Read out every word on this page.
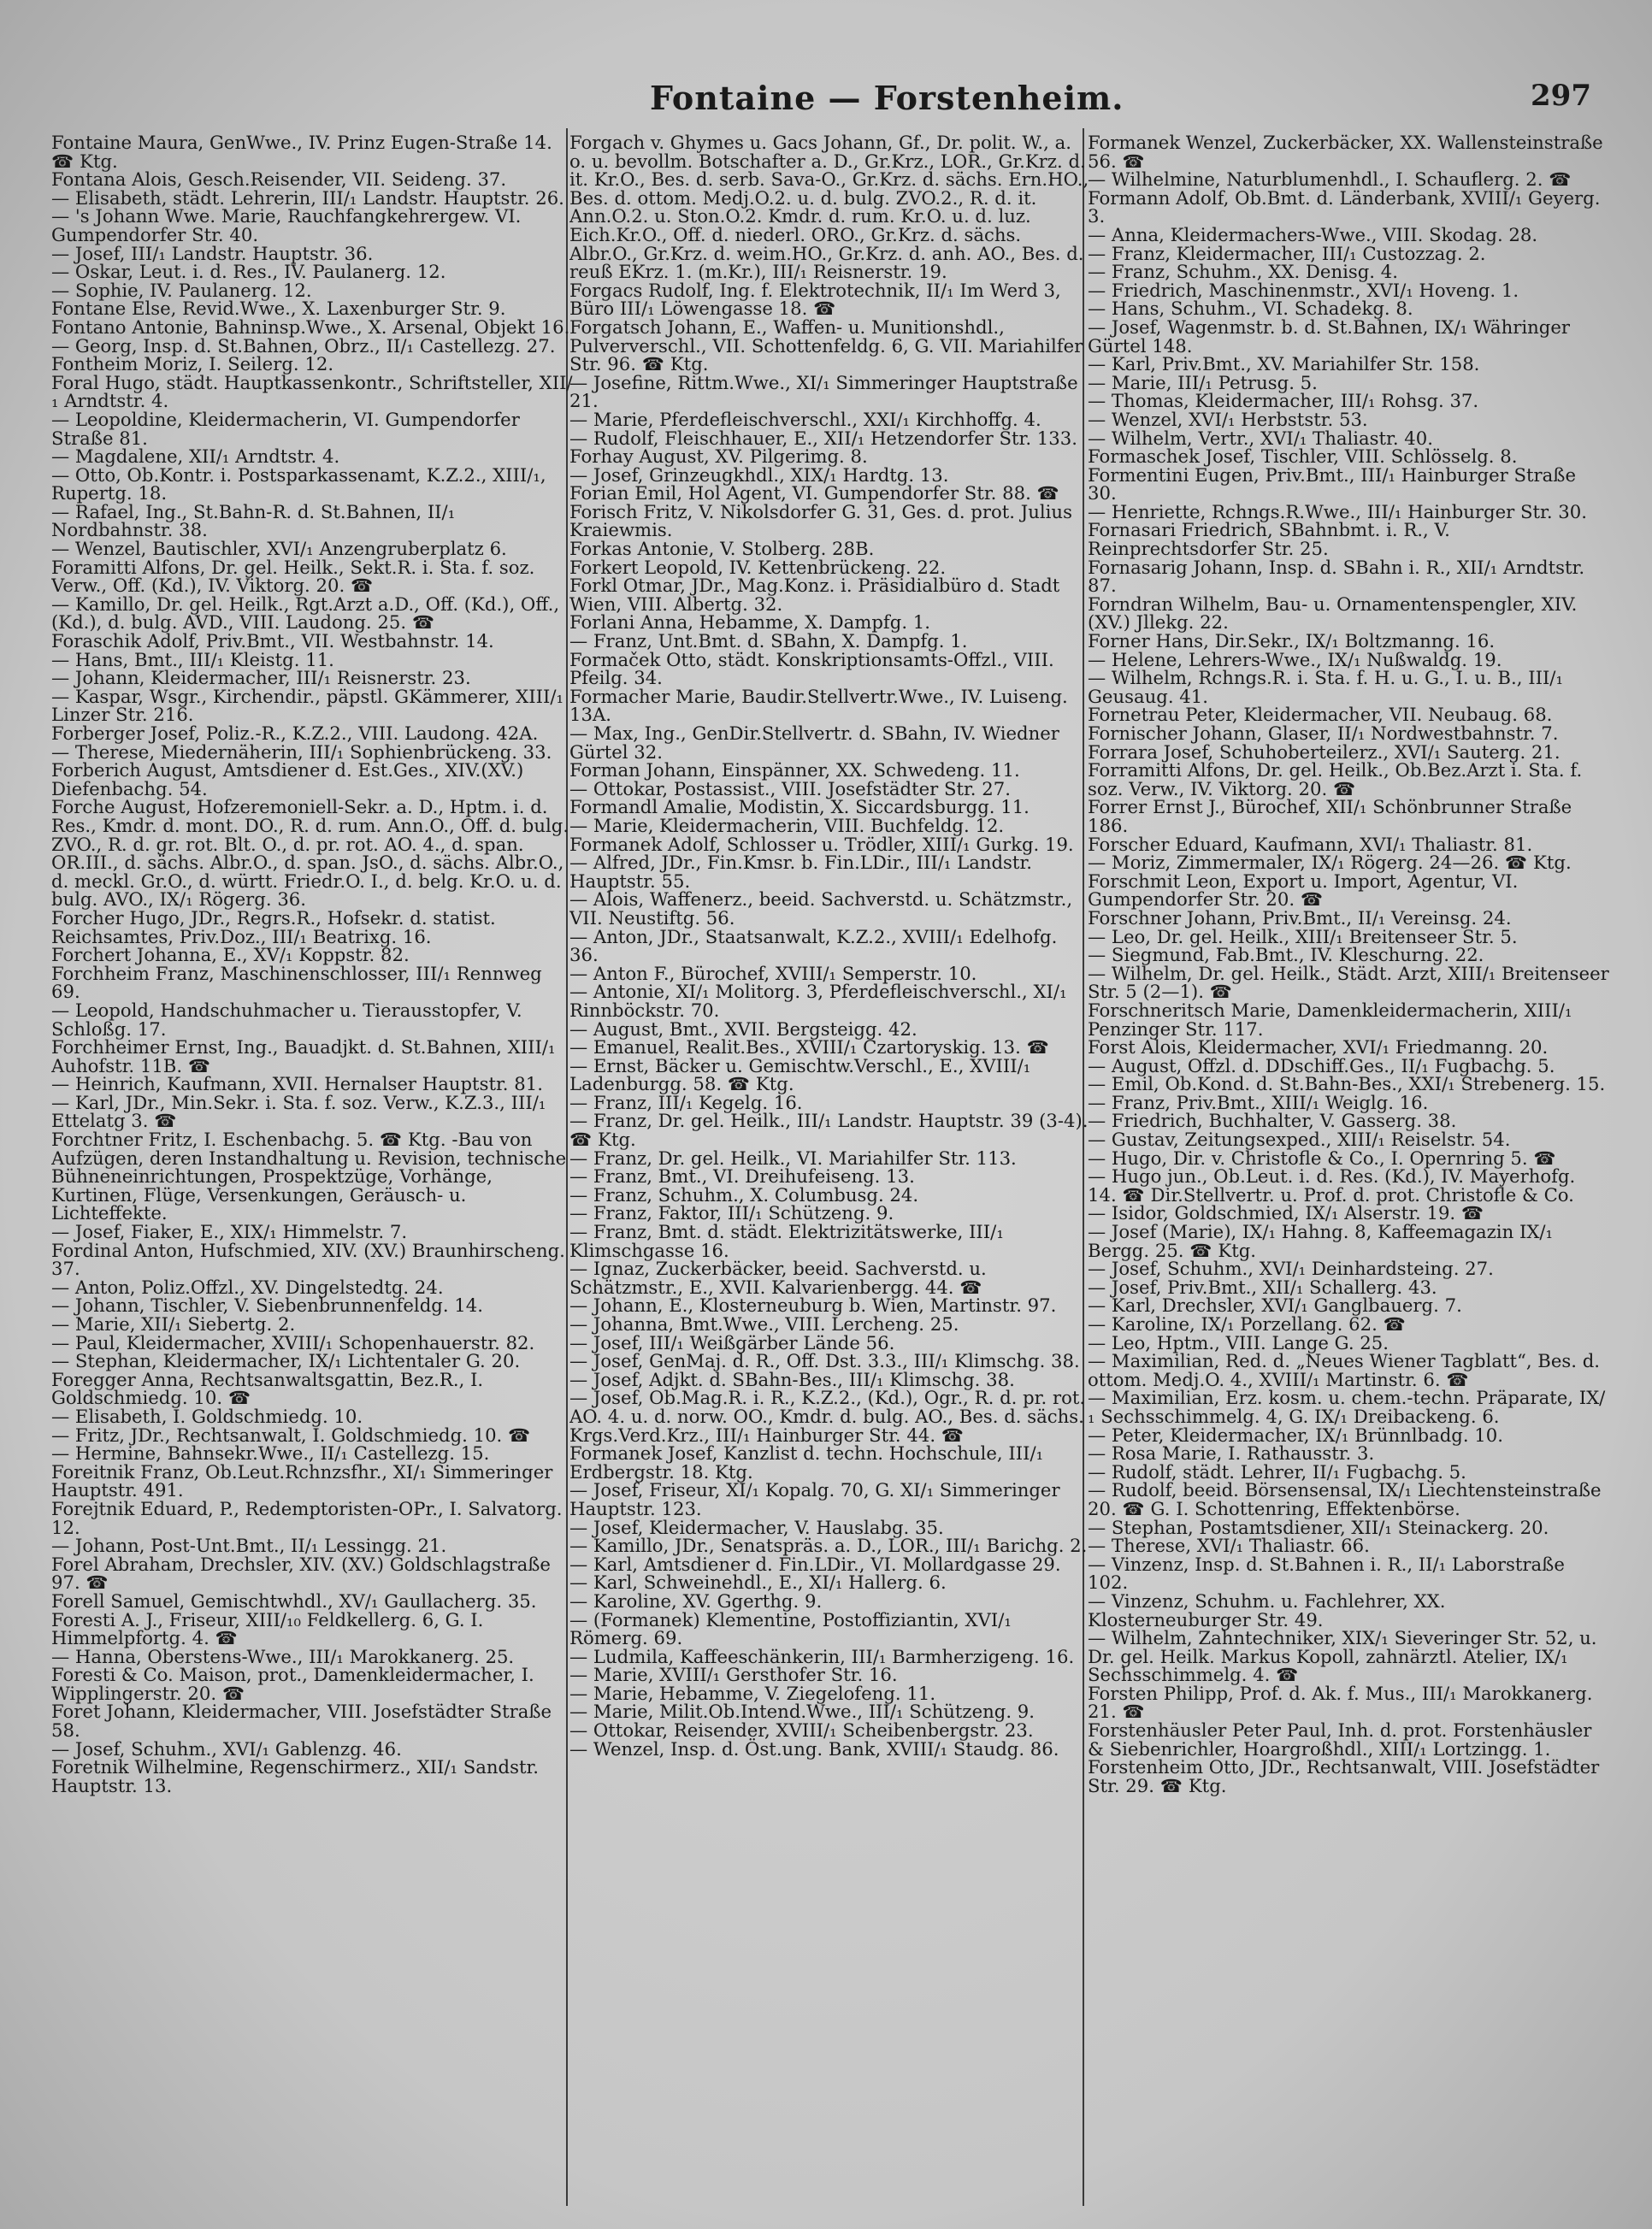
Fontaine — Forstenheim.	297
Fontaine Maura, GenWwe., IV. Prinz Eugen-Straße 14. ☎ Ktg.
Fontana Alois, Gesch.Reisender, VII. Seideng. 37.
— Elisabeth, städt. Lehrerin, III/₁ Landstr. Hauptstr. 26.
— 's Johann Wwe. Marie, Rauchfangkehrergew. VI. Gumpendorfer Str. 40.
— Josef, III/₁ Landstr. Hauptstr. 36.
— Oskar, Leut. i. d. Res., IV. Paulanerg. 12.
— Sophie, IV. Paulanerg. 12.
Fontane Else, Revid.Wwe., X. Laxenburger Str. 9.
Fontano Antonie, Bahninsp.Wwe., X. Arsenal, Objekt 16.
— Georg, Insp. d. St.Bahnen, Obrz., II/₁ Castellezg. 27.
Fontheim Moriz, I. Seilerg. 12.
Foral Hugo, städt. Hauptkassenkontr., Schriftsteller, XII/₁ Arndtstr. 4.
— Leopoldine, Kleidermacherin, VI. Gumpendorfer Straße 81.
— Magdalene, XII/₁ Arndtstr. 4.
— Otto, Ob.Kontr. i. Postsparkassenamt, K.Z.2., XIII/₁, Rupertg. 18.
— Rafael, Ing., St.Bahn-R. d. St.Bahnen, II/₁ Nordbahnstr. 38.
— Wenzel, Bautischler, XVI/₁ Anzengruberplatz 6.
Foramitti Alfons, Dr. gel. Heilk., Sekt.R. i. Sta. f. soz. Verw., Off. (Kd.), IV. Viktorg. 20. ☎
— Kamillo, Dr. gel. Heilk., Rgt.Arzt a.D., Off. (Kd.), Off., (Kd.), d. bulg. AVD., VIII. Laudong. 25. ☎
Foraschik Adolf, Priv.Bmt., VII. Westbahnstr. 14.
— Hans, Bmt., III/₁ Kleistg. 11.
— Johann, Kleidermacher, III/₁ Reisnerstr. 23.
— Kaspar, Wsgr., Kirchendir., päpstl. GKämmerer, XIII/₁ Linzer Str. 216.
Forberger Josef, Poliz.-R., K.Z.2., VIII. Laudong. 42A.
— Therese, Miedernäherin, III/₁ Sophienbrückeng. 33.
Forberich August, Amtsdiener d. Est.Ges., XIV.(XV.) Diefenbachg. 54.
Forche August, Hofzeremoniell-Sekr. a. D., Hptm. i. d. Res., Kmdr. d. mont. DO., R. d. rum. Ann.O., Off. d. bulg. ZVO., R. d. gr. rot. Blt. O., d. pr. rot. AO. 4., d. span. OR.III., d. sächs. Albr.O., d. span. JsO., d. sächs. Albr.O., d. meckl. Gr.O., d. württ. Friedr.O. I., d. belg. Kr.O. u. d. bulg. AVO., IX/₁ Rögerg. 36.
Forcher Hugo, JDr., Regrs.R., Hofsekr. d. statist. Reichsamtes, Priv.Doz., III/₁ Beatrixg. 16.
Forchert Johanna, E., XV/₁ Koppstr. 82.
Forchheim Franz, Maschinenschlosser, III/₁ Rennweg 69.
— Leopold, Handschuhmacher u. Tierausstopfer, V. Schloßg. 17.
Forchheimer Ernst, Ing., Bauadjkt. d. St.Bahnen, XIII/₁ Auhofstr. 11B. ☎
— Heinrich, Kaufmann, XVII. Hernalser Hauptstr. 81.
— Karl, JDr., Min.Sekr. i. Sta. f. soz. Verw., K.Z.3., III/₁ Ettelatg 3. ☎
Forchtner Fritz, I. Eschenbachg. 5. ☎ Ktg. -Bau von Aufzügen, deren Instandhaltung u. Revision, technische Bühneneinrichtungen, Prospektzüge, Vorhänge, Kurtinen, Flüge, Versenkungen, Geräusch- u. Lichteffekte.
— Josef, Fiaker, E., XIX/₁ Himmelstr. 7.
Fordinal Anton, Hufschmied, XIV. (XV.) Braunhirscheng. 37.
— Anton, Poliz.Offzl., XV. Dingelstedtg. 24.
— Johann, Tischler, V. Siebenbrunnenfeldg. 14.
— Marie, XII/₁ Siebertg. 2.
— Paul, Kleidermacher, XVIII/₁ Schopenhauerstr. 82.
— Stephan, Kleidermacher, IX/₁ Lichtentaler G. 20.
Foregger Anna, Rechtsanwaltsgattin, Bez.R., I. Goldschmiedg. 10. ☎
— Elisabeth, I. Goldschmiedg. 10.
— Fritz, JDr., Rechtsanwalt, I. Goldschmiedg. 10. ☎
— Hermine, Bahnsekr.Wwe., II/₁ Castellezg. 15.
Foreitnik Franz, Ob.Leut.Rchnzsfhr., XI/₁ Simmeringer Hauptstr. 491.
Forejtnik Eduard, P., Redemptoristen-OPr., I. Salvatorg. 12.
— Johann, Post-Unt.Bmt., II/₁ Lessingg. 21.
Forel Abraham, Drechsler, XIV. (XV.) Goldschlagstraße 97. ☎
Forell Samuel, Gemischtwhdl., XV/₁ Gaullacherg. 35.
Foresti A. J., Friseur, XIII/₁₀ Feldkellerg. 6, G. I. Himmelpfortg. 4. ☎
— Hanna, Oberstens-Wwe., III/₁ Marokkanerg. 25.
Foresti & Co. Maison, prot., Damenkleidermacher, I. Wipplingerstr. 20. ☎
Foret Johann, Kleidermacher, VIII. Josefstädter Straße 58.
— Josef, Schuhm., XVI/₁ Gablenzg. 46.
Foretnik Wilhelmine, Regenschirmerz., XII/₁ Sandstr. Hauptstr. 13.
Forgach v. Ghymes u. Gacs Johann, Gf., Dr. polit. W., a. o. u. bevollm. Botschafter a. D., Gr.Krz., LOR., Gr.Krz. d. it. Kr.O., Bes. d. serb. Sava-O., Gr.Krz. d. sächs. Ern.HO., Bes. d. ottom. Medj.O.2. u. d. bulg. ZVO.2., R. d. it. Ann.O.2. u. Ston.O.2. Kmdr. d. rum. Kr.O. u. d. luz. Eich.Kr.O., Off. d. niederl. ORO., Gr.Krz. d. sächs. Albr.O., Gr.Krz. d. weim.HO., Gr.Krz. d. anh. AO., Bes. d. reuß EKrz. 1. (m.Kr.), III/₁ Reisnerstr. 19.
Forgacs Rudolf, Ing. f. Elektrotechnik, II/₁ Im Werd 3, Büro III/₁ Löwengasse 18. ☎
Forgatsch Johann, E., Waffen- u. Munitionshdl., Pulververschl., VII. Schottenfeldg. 6, G. VII. Mariahilfer Str. 96. ☎ Ktg.
— Josefine, Rittm.Wwe., XI/₁ Simmeringer Hauptstraße 21.
— Marie, Pferdefleischverschl., XXI/₁ Kirchhoffg. 4.
— Rudolf, Fleischhauer, E., XII/₁ Hetzendorfer Str. 133.
Forhay August, XV. Pilgerimg. 8.
— Josef, Grinzeugkhdl., XIX/₁ Hardtg. 13.
Forian Emil, Hol Agent, VI. Gumpendorfer Str. 88. ☎
Forisch Fritz, V. Nikolsdorfer G. 31, Ges. d. prot. Julius Kraiewmis.
Forkas Antonie, V. Stolberg. 28B.
Forkert Leopold, IV. Kettenbrückeng. 22.
Forkl Otmar, JDr., Mag.Konz. i. Präsidialbüro d. Stadt Wien, VIII. Albertg. 32.
Forlani Anna, Hebamme, X. Dampfg. 1.
— Franz, Unt.Bmt. d. SBahn, X. Dampfg. 1.
Formaček Otto, städt. Konskriptionsamts-Offzl., VIII. Pfeilg. 34.
Formacher Marie, Baudir.Stellvertr.Wwe., IV. Luiseng. 13A.
— Max, Ing., GenDir.Stellvertr. d. SBahn, IV. Wiedner Gürtel 32.
Forman Johann, Einspänner, XX. Schwedeng. 11.
— Ottokar, Postassist., VIII. Josefstädter Str. 27.
Formandl Amalie, Modistin, X. Siccardsburgg. 11.
— Marie, Kleidermacherin, VIII. Buchfeldg. 12.
Formanek Adolf, Schlosser u. Trödler, XIII/₁ Gurkg. 19.
— Alfred, JDr., Fin.Kmsr. b. Fin.LDir., III/₁ Landstr. Hauptstr. 55.
— Alois, Waffenerz., beeid. Sachverstd. u. Schätzmstr., VII. Neustiftg. 56.
— Anton, JDr., Staatsanwalt, K.Z.2., XVIII/₁ Edelhofg. 36.
— Anton F., Bürochef, XVIII/₁ Semperstr. 10.
— Antonie, XI/₁ Molitorg. 3, Pferdefleischverschl., XI/₁ Rinnböckstr. 70.
— August, Bmt., XVII. Bergsteigg. 42.
— Emanuel, Realit.Bes., XVIII/₁ Czartoryskig. 13. ☎
— Ernst, Bäcker u. Gemischtw.Verschl., E., XVIII/₁ Ladenburgg. 58. ☎ Ktg.
— Franz, III/₁ Kegelg. 16.
— Franz, Dr. gel. Heilk., III/₁ Landstr. Hauptstr. 39 (3-4). ☎ Ktg.
— Franz, Dr. gel. Heilk., VI. Mariahilfer Str. 113.
— Franz, Bmt., VI. Dreihufeiseng. 13.
— Franz, Schuhm., X. Columbusg. 24.
— Franz, Faktor, III/₁ Schützeng. 9.
— Franz, Bmt. d. städt. Elektrizitätswerke, III/₁ Klimschgasse 16.
— Ignaz, Zuckerbäcker, beeid. Sachverstd. u. Schätzmstr., E., XVII. Kalvarienbergg. 44. ☎
— Johann, E., Klosterneuburg b. Wien, Martinstr. 97.
— Johanna, Bmt.Wwe., VIII. Lercheng. 25.
— Josef, III/₁ Weißgärber Lände 56.
— Josef, GenMaj. d. R., Off. Dst. 3.3., III/₁ Klimschg. 38.
— Josef, Adjkt. d. SBahn-Bes., III/₁ Klimschg. 38.
— Josef, Ob.Mag.R. i. R., K.Z.2., (Kd.), Ogr., R. d. pr. rot. AO. 4. u. d. norw. OO., Kmdr. d. bulg. AO., Bes. d. sächs. Krgs.Verd.Krz., III/₁ Hainburger Str. 44. ☎
Formanek Josef, Kanzlist d. techn. Hochschule, III/₁ Erdbergstr. 18. Ktg.
— Josef, Friseur, XI/₁ Kopalg. 70, G. XI/₁ Simmeringer Hauptstr. 123.
— Josef, Kleidermacher, V. Hauslabg. 35.
— Kamillo, JDr., Senatspräs. a. D., LOR., III/₁ Barichg. 2.
— Karl, Amtsdiener d. Fin.LDir., VI. Mollardgasse 29.
— Karl, Schweinehdl., E., XI/₁ Hallerg. 6.
— Karoline, XV. Ggerthg. 9.
— (Formanek) Klementine, Postoffiziantin, XVI/₁ Römerg. 69.
— Ludmila, Kaffeeschänkerin, III/₁ Barmherzigeng. 16.
— Marie, XVIII/₁ Gersthofer Str. 16.
— Marie, Hebamme, V. Ziegelofeng. 11.
— Marie, Milit.Ob.Intend.Wwe., III/₁ Schützeng. 9.
— Ottokar, Reisender, XVIII/₁ Scheibenbergstr. 23.
— Wenzel, Insp. d. Öst.ung. Bank, XVIII/₁ Staudg. 86.
Formanek Wenzel, Zuckerbäcker, XX. Wallensteinstraße 56. ☎
— Wilhelmine, Naturblumenhdl., I. Schauflerg. 2. ☎
Formann Adolf, Ob.Bmt. d. Länderbank, XVIII/₁ Geyerg. 3.
— Anna, Kleidermachers-Wwe., VIII. Skodag. 28.
— Franz, Kleidermacher, III/₁ Custozzag. 2.
— Franz, Schuhm., XX. Denisg. 4.
— Friedrich, Maschinenmstr., XVI/₁ Hoveng. 1.
— Hans, Schuhm., VI. Schadekg. 8.
— Josef, Wagenmstr. b. d. St.Bahnen, IX/₁ Währinger Gürtel 148.
— Karl, Priv.Bmt., XV. Mariahilfer Str. 158.
— Marie, III/₁ Petrusg. 5.
— Thomas, Kleidermacher, III/₁ Rohsg. 37.
— Wenzel, XVI/₁ Herbststr. 53.
— Wilhelm, Vertr., XVI/₁ Thaliastr. 40.
Formaschek Josef, Tischler, VIII. Schlösselg. 8.
Formentini Eugen, Priv.Bmt., III/₁ Hainburger Straße 30.
— Henriette, Rchngs.R.Wwe., III/₁ Hainburger Str. 30.
Fornasari Friedrich, SBahnbmt. i. R., V. Reinprechtsdorfer Str. 25.
Fornasarig Johann, Insp. d. SBahn i. R., XII/₁ Arndtstr. 87.
Forndran Wilhelm, Bau- u. Ornamentenspengler, XIV. (XV.) Jllekg. 22.
Forner Hans, Dir.Sekr., IX/₁ Boltzmanng. 16.
— Helene, Lehrers-Wwe., IX/₁ Nußwaldg. 19.
— Wilhelm, Rchngs.R. i. Sta. f. H. u. G., I. u. B., III/₁ Geusaug. 41.
Fornetrau Peter, Kleidermacher, VII. Neubaug. 68.
Fornischer Johann, Glaser, II/₁ Nordwestbahnstr. 7.
Forrara Josef, Schuhoberteilerz., XVI/₁ Sauterg. 21.
Forramitti Alfons, Dr. gel. Heilk., Ob.Bez.Arzt i. Sta. f. soz. Verw., IV. Viktorg. 20. ☎
Forrer Ernst J., Bürochef, XII/₁ Schönbrunner Straße 186.
Forscher Eduard, Kaufmann, XVI/₁ Thaliastr. 81.
— Moriz, Zimmermaler, IX/₁ Rögerg. 24—26. ☎ Ktg.
Forschmit Leon, Export u. Import, Agentur, VI. Gumpendorfer Str. 20. ☎
Forschner Johann, Priv.Bmt., II/₁ Vereinsg. 24.
— Leo, Dr. gel. Heilk., XIII/₁ Breitenseer Str. 5.
— Siegmund, Fab.Bmt., IV. Kleschurng. 22.
— Wilhelm, Dr. gel. Heilk., Städt. Arzt, XIII/₁ Breitenseer Str. 5 (2—1). ☎
Forschneritsch Marie, Damenkleidermacherin, XIII/₁ Penzinger Str. 117.
Forst Alois, Kleidermacher, XVI/₁ Friedmanng. 20.
— August, Offzl. d. DDschiff.Ges., II/₁ Fugbachg. 5.
— Emil, Ob.Kond. d. St.Bahn-Bes., XXI/₁ Strebenerg. 15.
— Franz, Priv.Bmt., XIII/₁ Weiglg. 16.
— Friedrich, Buchhalter, V. Gasserg. 38.
— Gustav, Zeitungsexped., XIII/₁ Reiselstr. 54.
— Hugo, Dir. v. Christofle & Co., I. Opernring 5. ☎
— Hugo jun., Ob.Leut. i. d. Res. (Kd.), IV. Mayerhofg. 14. ☎ Dir.Stellvertr. u. Prof. d. prot. Christofle & Co.
— Isidor, Goldschmied, IX/₁ Alserstr. 19. ☎
— Josef (Marie), IX/₁ Hahng. 8, Kaffeemagazin IX/₁ Bergg. 25. ☎ Ktg.
— Josef, Schuhm., XVI/₁ Deinhardsteing. 27.
— Josef, Priv.Bmt., XII/₁ Schallerg. 43.
— Karl, Drechsler, XVI/₁ Ganglbauerg. 7.
— Karoline, IX/₁ Porzellang. 62. ☎
— Leo, Hptm., VIII. Lange G. 25.
— Maximilian, Red. d. „Neues Wiener Tagblatt“, Bes. d. ottom. Medj.O. 4., XVIII/₁ Martinstr. 6. ☎
— Maximilian, Erz. kosm. u. chem.-techn. Präparate, IX/₁ Sechsschimmelg. 4, G. IX/₁ Dreibackeng. 6.
— Peter, Kleidermacher, IX/₁ Brünnlbadg. 10.
— Rosa Marie, I. Rathausstr. 3.
— Rudolf, städt. Lehrer, II/₁ Fugbachg. 5.
— Rudolf, beeid. Börsensensal, IX/₁ Liechtensteinstraße 20. ☎ G. I. Schottenring, Effektenbörse.
— Stephan, Postamtsdiener, XII/₁ Steinackerg. 20.
— Therese, XVI/₁ Thaliastr. 66.
— Vinzenz, Insp. d. St.Bahnen i. R., II/₁ Laborstraße 102.
— Vinzenz, Schuhm. u. Fachlehrer, XX. Klosterneuburger Str. 49.
— Wilhelm, Zahntechniker, XIX/₁ Sieveringer Str. 52, u. Dr. gel. Heilk. Markus Kopoll, zahnärztl. Atelier, IX/₁ Sechsschimmelg. 4. ☎
Forsten Philipp, Prof. d. Ak. f. Mus., III/₁ Marokkanerg. 21. ☎
Forstenhäusler Peter Paul, Inh. d. prot. Forstenhäusler & Siebenrichler, Hoargroßhdl., XIII/₁ Lortzingg. 1.
Forstenheim Otto, JDr., Rechtsanwalt, VIII. Josefstädter Str. 29. ☎ Ktg.
